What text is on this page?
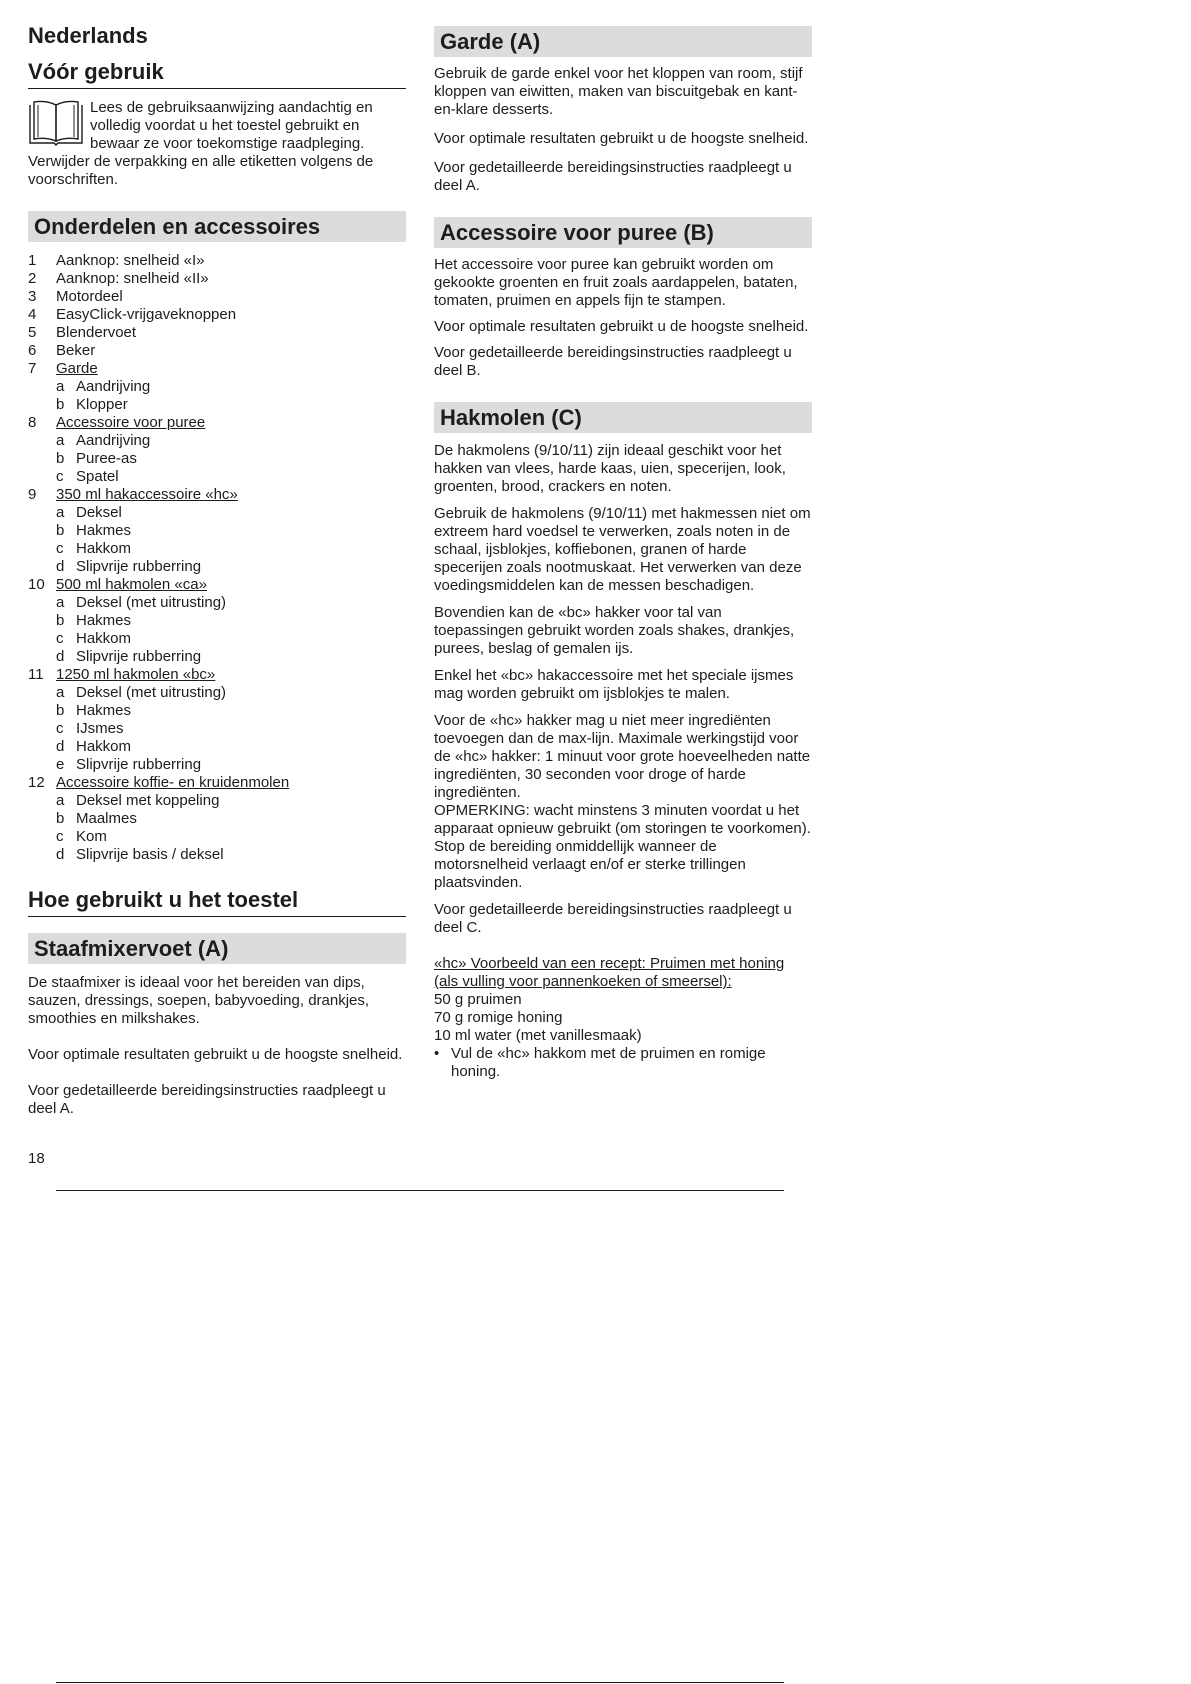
Nederlands
Vóór gebruik

Lees de gebruiksaanwijzing aandachtig en volledig voordat u het toestel gebruikt en bewaar ze voor toekomstige raadpleging. Verwijder de verpakking en alle etiketten volgens de voorschriften.

Onderdelen en accessoires
1	Aanknop: snelheid «I»
2	Aanknop: snelheid «II»
3	Motordeel
4	EasyClick-vrijgaveknoppen
5	Blendervoet
6	Beker
7	Garde
a Aandrijving
b Klopper
8	Accessoire voor puree
a Aandrijving
b Puree-as
c Spatel
9	350 ml hakaccessoire «hc»
a Deksel
b Hakmes
c Hakkom
d Slipvrije rubberring
10 500 ml hakmolen «ca»
a Deksel (met uitrusting)
b Hakmes
c Hakkom
d Slipvrije rubberring
11 1250 ml hakmolen «bc»
a Deksel (met uitrusting)
b Hakmes
c IJsmes
d Hakkom
e Slipvrije rubberring
12 Accessoire koffie- en kruidenmolen
a Deksel met koppeling
b Maalmes
c Kom
d Slipvrije basis / deksel
Hoe gebruikt u het toestel
Staafmixervoet (A)

De staafmixer is ideaal voor het bereiden van dips, sauzen, dressings, soepen, babyvoeding, drankjes, smoothies en milkshakes.

Voor optimale resultaten gebruikt u de hoogste snelheid.

Voor gedetailleerde bereidingsinstructies raadpleegt u deel A.

18
Garde (A)

Gebruik de garde enkel voor het kloppen van room, stijf kloppen van eiwitten, maken van biscuitgebak en kant-en-klare desserts.

Voor optimale resultaten gebruikt u de hoogste snelheid.

Voor gedetailleerde bereidingsinstructies raadpleegt u deel A.

Accessoire voor puree (B)

Het accessoire voor puree kan gebruikt worden om gekookte groenten en fruit zoals aardappelen, bataten, tomaten, pruimen en appels fijn te stampen.

Voor optimale resultaten gebruikt u de hoogste snelheid.

Voor gedetailleerde bereidingsinstructies raadpleegt u deel B.

Hakmolen (C)

De hakmolens (9/10/11) zijn ideaal geschikt voor het hakken van vlees, harde kaas, uien, specerijen, look, groenten, brood, crackers en noten.

Gebruik de hakmolens (9/10/11) met hakmessen niet om extreem hard voedsel te verwerken, zoals noten in de schaal, ijsblokjes, koffiebonen, granen of harde specerijen zoals nootmuskaat. Het verwerken van deze voedingsmiddelen kan de messen beschadigen.

Bovendien kan de «bc» hakker voor tal van toepassingen gebruikt worden zoals shakes, drankjes, purees, beslag of gemalen ijs.

Enkel het «bc» hakaccessoire met het speciale ijsmes mag worden gebruikt om ijsblokjes te malen.

Voor de «hc» hakker mag u niet meer ingrediënten toevoegen dan de max-lijn. Maximale werkingstijd voor de «hc» hakker: 1 minuut voor grote hoeveelheden natte ingrediënten, 30 seconden voor droge of harde ingrediënten.

OPMERKING: wacht minstens 3 minuten voordat u het apparaat opnieuw gebruikt (om storingen te voorkomen). Stop de bereiding onmiddellijk wanneer de motorsnelheid verlaagt en/of er sterke trillingen plaatsvinden.

Voor gedetailleerde bereidingsinstructies raadpleegt u deel C.

«hc» Voorbeeld van een recept: Pruimen met honing (als vulling voor pannenkoeken of smeersel):

50 g pruimen

70 g romige honing

10 ml water (met vanillesmaak)

• Vul de «hc» hakkom met de pruimen en romige honing.
